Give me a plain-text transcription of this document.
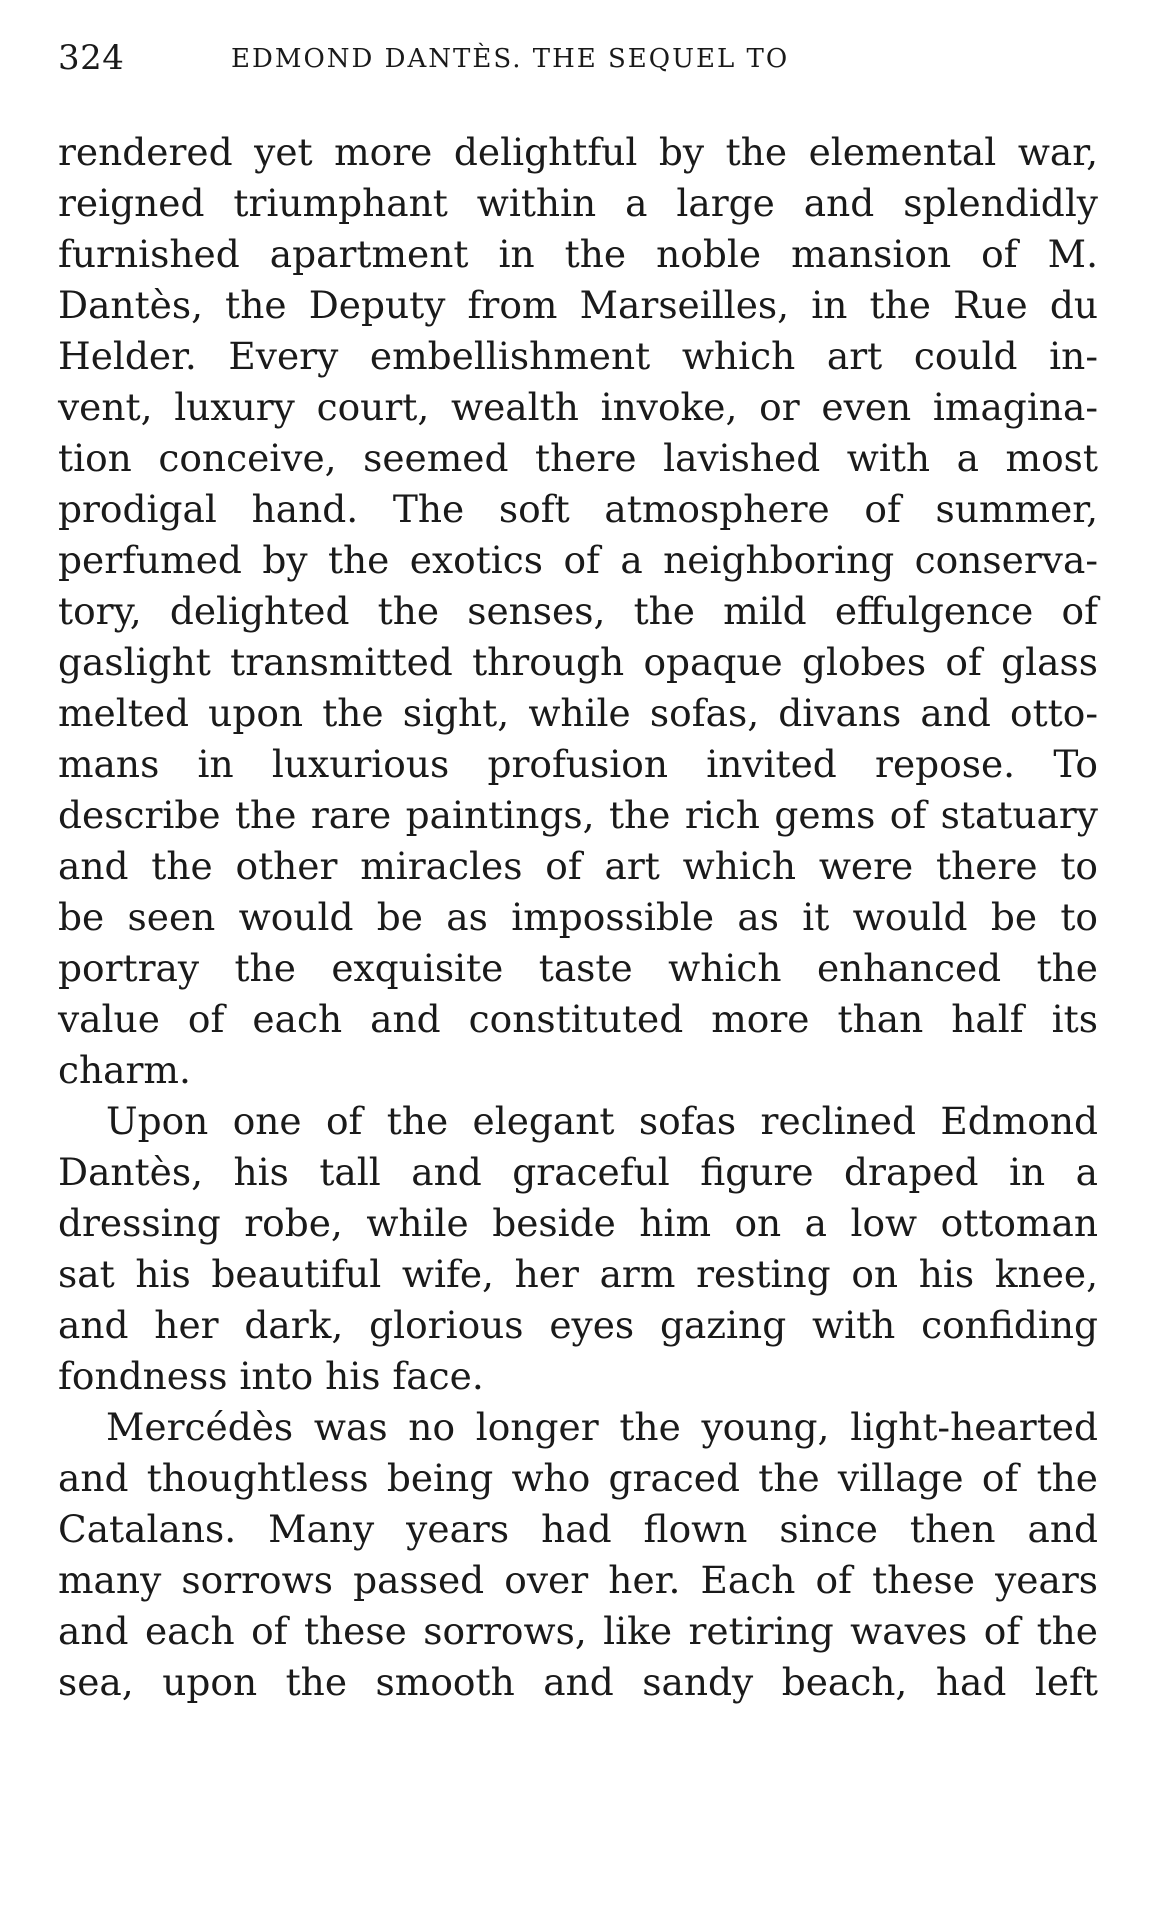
324	EDMOND DANTÈS. THE SEQUEL TO
rendered yet more delightful by the elemental war,
reigned triumphant within a large and splendidly
furnished apartment in the noble mansion of M.
Dantès, the Deputy from Marseilles, in the Rue du
Helder. Every embellishment which art could in-
vent, luxury court, wealth invoke, or even imagina-
tion conceive, seemed there lavished with a most
prodigal hand. The soft atmosphere of summer,
perfumed by the exotics of a neighboring conserva-
tory, delighted the senses, the mild effulgence of
gaslight transmitted through opaque globes of glass
melted upon the sight, while sofas, divans and otto-
mans in luxurious profusion invited repose. To
describe the rare paintings, the rich gems of statuary
and the other miracles of art which were there to
be seen would be as impossible as it would be to
portray the exquisite taste which enhanced the
value of each and constituted more than half its
charm.
Upon one of the elegant sofas reclined Edmond
Dantès, his tall and graceful figure draped in a
dressing robe, while beside him on a low ottoman
sat his beautiful wife, her arm resting on his knee,
and her dark, glorious eyes gazing with confiding
fondness into his face.
Mercédès was no longer the young, light-hearted
and thoughtless being who graced the village of the
Catalans. Many years had flown since then and
many sorrows passed over her. Each of these years
and each of these sorrows, like retiring waves of the
sea, upon the smooth and sandy beach, had left
